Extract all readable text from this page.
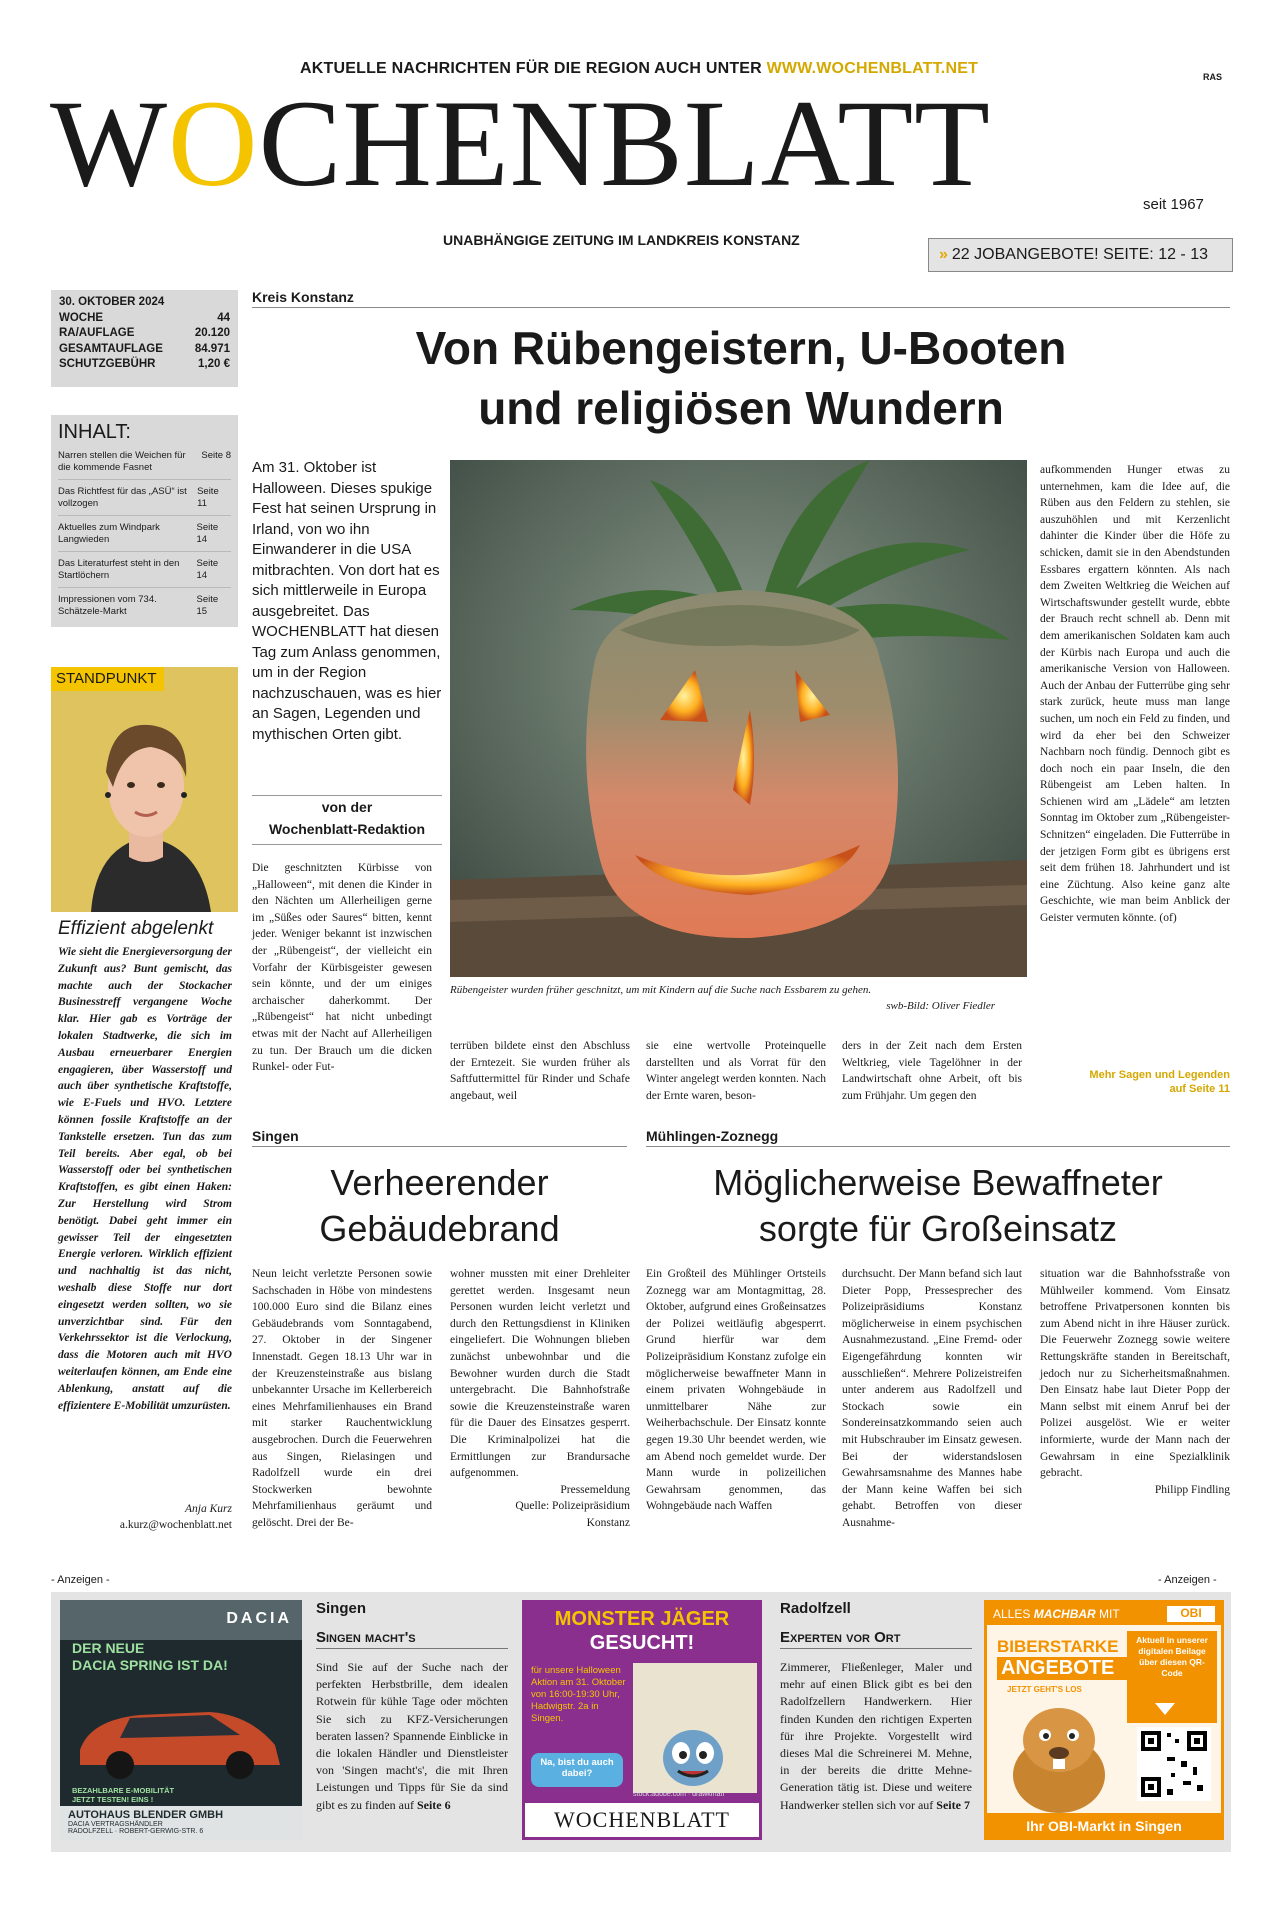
AKTUELLE NACHRICHTEN FÜR DIE REGION AUCH UNTER WWW.WOCHENBLATT.NET	RAS
WOCHENBLATT	seit 1967
UNABHÄNGIGE ZEITUNG IM LANDKREIS KONSTANZ
» 22 JOBANGEBOTE! SEITE: 12 - 13
30. OKTOBER 2024
WOCHE	44
RA/AUFLAGE	20.120
GESAMTAUFLAGE	84.971
SCHUTZGEBÜHR	1,20 €
INHALT:
Narren stellen die Weichen für die kommende Fasnet
Seite 8
Das Richtfest für das „ASÜ“ ist vollzogen
Seite 11
Aktuelles zum Windpark Langwieden
Seite 14
Das Literaturfest steht in den Startlöchern
Seite 14
Impressionen vom 734. Schätzele-Markt
Seite 15
STANDPUNKT
Effizient abgelenkt
Wie sieht die Energieversorgung der Zukunft aus? Bunt gemischt, das machte auch der Stockacher Businesstreff vergangene Woche klar. Hier gab es Vorträge der lokalen Stadtwerke, die sich im Ausbau erneuerbarer Energien engagieren, über Wasserstoff und auch über synthetische Kraftstoffe, wie E-Fuels und HVO. Letztere können fossile Kraftstoffe an der Tankstelle ersetzen. Tun das zum Teil bereits. Aber egal, ob bei Wasserstoff oder bei synthetischen Kraftstoffen, es gibt einen Haken: Zur Herstellung wird Strom benötigt. Dabei geht immer ein gewisser Teil der eingesetzten Energie verloren. Wirklich effizient und nachhaltig ist das nicht, weshalb diese Stoffe nur dort eingesetzt werden sollten, wo sie unverzichtbar sind. Für den Verkehrssektor ist die Verlockung, dass die Motoren auch mit HVO weiterlaufen können, am Ende eine Ablenkung, anstatt auf die effizientere E-Mobilität umzurüsten.
Anja Kurz
a.kurz@wochenblatt.net
Kreis Konstanz
Von Rübengeistern, U-Booten
und religiösen Wundern
Am 31. Oktober ist Halloween. Dieses spukige Fest hat seinen Ursprung in Irland, von wo ihn Einwanderer in die USA mitbrachten. Von dort hat es sich mittlerweile in Europa ausgebreitet. Das WOCHENBLATT hat diesen Tag zum Anlass genommen, um in der Region nachzuschauen, was es hier an Sagen, Legenden und mythischen Orten gibt.
von der
Wochenblatt-Redaktion
Die geschnitzten Kürbisse von „Halloween“, mit denen die Kinder in den Nächten um Allerheiligen gerne im „Süßes oder Saures“ bitten, kennt jeder. Weniger bekannt ist inzwischen der „Rübengeist“, der vielleicht ein Vorfahr der Kürbisgeister gewesen sein könnte, und der um einiges archaischer daherkommt. Der „Rübengeist“ hat nicht unbedingt etwas mit der Nacht auf Allerheiligen zu tun. Der Brauch um die dicken Runkel- oder Fut-
Rübengeister wurden früher geschnitzt, um mit Kindern auf die Suche nach Essbarem zu gehen.
swb-Bild: Oliver Fiedler
terrüben bildete einst den Abschluss der Erntezeit. Sie wurden früher als Saftfuttermittel für Rinder und Schafe angebaut, weil
sie eine wertvolle Proteinquelle darstellten und als Vorrat für den Winter angelegt werden konnten. Nach der Ernte waren, beson-
ders in der Zeit nach dem Ersten Weltkrieg, viele Tagelöhner in der Landwirtschaft ohne Arbeit, oft bis zum Frühjahr. Um gegen den
aufkommenden Hunger etwas zu unternehmen, kam die Idee auf, die Rüben aus den Feldern zu stehlen, sie auszuhöhlen und mit Kerzenlicht dahinter die Kinder über die Höfe zu schicken, damit sie in den Abendstunden Essbares ergattern könnten. Als nach dem Zweiten Weltkrieg die Weichen auf Wirtschaftswunder gestellt wurde, ebbte der Brauch recht schnell ab. Denn mit dem amerikanischen Soldaten kam auch der Kürbis nach Europa und auch die amerikanische Version von Halloween. Auch der Anbau der Futterrübe ging sehr stark zurück, heute muss man lange suchen, um noch ein Feld zu finden, und wird da eher bei den Schweizer Nachbarn noch fündig. Dennoch gibt es doch noch ein paar Inseln, die den Rübengeist am Leben halten. In Schienen wird am „Lädele“ am letzten Sonntag im Oktober zum „Rübengeister-Schnitzen“ eingeladen. Die Futterrübe in der jetzigen Form gibt es übrigens erst seit dem frühen 18. Jahrhundert und ist eine Züchtung. Also keine ganz alte Geschichte, wie man beim Anblick der Geister vermuten könnte. (of)
Mehr Sagen und Legenden
auf Seite 11
Singen
Verheerender
Gebäudebrand
Neun leicht verletzte Personen sowie Sachschaden in Höbe von mindestens 100.000 Euro sind die Bilanz eines Gebäudebrands vom Sonntagabend, 27. Oktober in der Singener Innenstadt. Gegen 18.13 Uhr war in der Kreuzensteinstraße aus bislang unbekannter Ursache im Kellerbereich eines Mehrfamilienhauses ein Brand mit starker Rauchentwicklung ausgebrochen. Durch die Feuerwehren aus Singen, Rielasingen und Radolfzell wurde ein drei Stockwerken bewohnte Mehrfamilienhaus geräumt und gelöscht. Drei der Be-
wohner mussten mit einer Drehleiter gerettet werden. Insgesamt neun Personen wurden leicht verletzt und durch den Rettungsdienst in Kliniken eingeliefert. Die Wohnungen blieben zunächst unbewohnbar und die Bewohner wurden durch die Stadt untergebracht. Die Bahnhofstraße sowie die Kreuzensteinstraße waren für die Dauer des Einsatzes gesperrt. Die Kriminalpolizei hat die Ermittlungen zur Brandursache aufgenommen.
Pressemeldung
Quelle: Polizeipräsidium
Konstanz
Mühlingen-Zoznegg
Möglicherweise Bewaffneter
sorgte für Großeinsatz
Ein Großteil des Mühlinger Ortsteils Zoznegg war am Montagmittag, 28. Oktober, aufgrund eines Großeinsatzes der Polizei weitläufig abgesperrt. Grund hierfür war dem Polizeipräsidium Konstanz zufolge ein möglicherweise bewaffneter Mann in einem privaten Wohngebäude in unmittelbarer Nähe zur Weiherbachschule. Der Einsatz konnte gegen 19.30 Uhr beendet werden, wie am Abend noch gemeldet wurde. Der Mann wurde in polizeilichen Gewahrsam genommen, das Wohngebäude nach Waffen
durchsucht. Der Mann befand sich laut Dieter Popp, Pressesprecher des Polizeipräsidiums Konstanz möglicherweise in einem psychischen Ausnahmezustand. „Eine Fremd- oder Eigengefährdung konnten wir ausschließen“. Mehrere Polizeistreifen unter anderem aus Radolfzell und Stockach sowie ein Sondereinsatzkommando seien auch mit Hubschrauber im Einsatz gewesen. Bei der widerstandslosen Gewahrsamsnahme des Mannes habe der Mann keine Waffen bei sich gehabt. Betroffen von dieser Ausnahme-
situation war die Bahnhofsstraße von Mühlweiler kommend. Vom Einsatz betroffene Privatpersonen konnten bis zum Abend nicht in ihre Häuser zurück. Die Feuerwehr Zoznegg sowie weitere Rettungskräfte standen in Bereitschaft, jedoch nur zu Sicherheitsmaßnahmen. Den Einsatz habe laut Dieter Popp der Mann selbst mit einem Anruf bei der Polizei ausgelöst. Wie er weiter informierte, wurde der Mann nach der Gewahrsam in eine Spezialklinik gebracht.
Philipp Findling
- Anzeigen -	- Anzeigen -
DACIA
DER NEUE
DACIA SPRING IST DA!
BEZAHLBARE E-MOBILITÄT
JETZT TESTEN! EINS !
AUTOHAUS BLENDER GMBH
DACIA VERTRAGSHÄNDLER
RADOLFZELL · ROBERT-GERWIG-STR. 6
Singen
Singen macht's
Sind Sie auf der Suche nach der perfekten Herbstbrille, dem idealen Rotwein für kühle Tage oder möchten Sie sich zu KFZ-Versicherungen beraten lassen? Spannende Einblicke in die lokalen Händler und Dienstleister von 'Singen macht's', die mit Ihren Leistungen und Tipps für Sie da sind gibt es zu finden auf Seite 6
MONSTER JÄGER
GESUCHT!
für unsere Halloween Aktion am 31. Oktober von 16:00-19:30 Uhr, Hadwigstr. 2a in Singen.
Na, bist du auch dabei?
stock.adobe.com · drawkman
WOCHENBLATT
Radolfzell
Experten vor Ort
Zimmerer, Fließenleger, Maler und mehr auf einen Blick gibt es bei den Radolfzellern Handwerkern. Hier finden Kunden den richtigen Experten für ihre Projekte. Vorgestellt wird dieses Mal die Schreinerei M. Mehne, in der bereits die dritte Mehne-Generation tätig ist. Diese und weitere Handwerker stellen sich vor auf Seite 7
ALLES MACHBAR MIT	OBI
BIBERSTARKE
ANGEBOTE
JETZT GEHT'S LOS
Aktuell in unserer digitalen Beilage über diesen QR-Code
Ihr OBI-Markt in Singen
